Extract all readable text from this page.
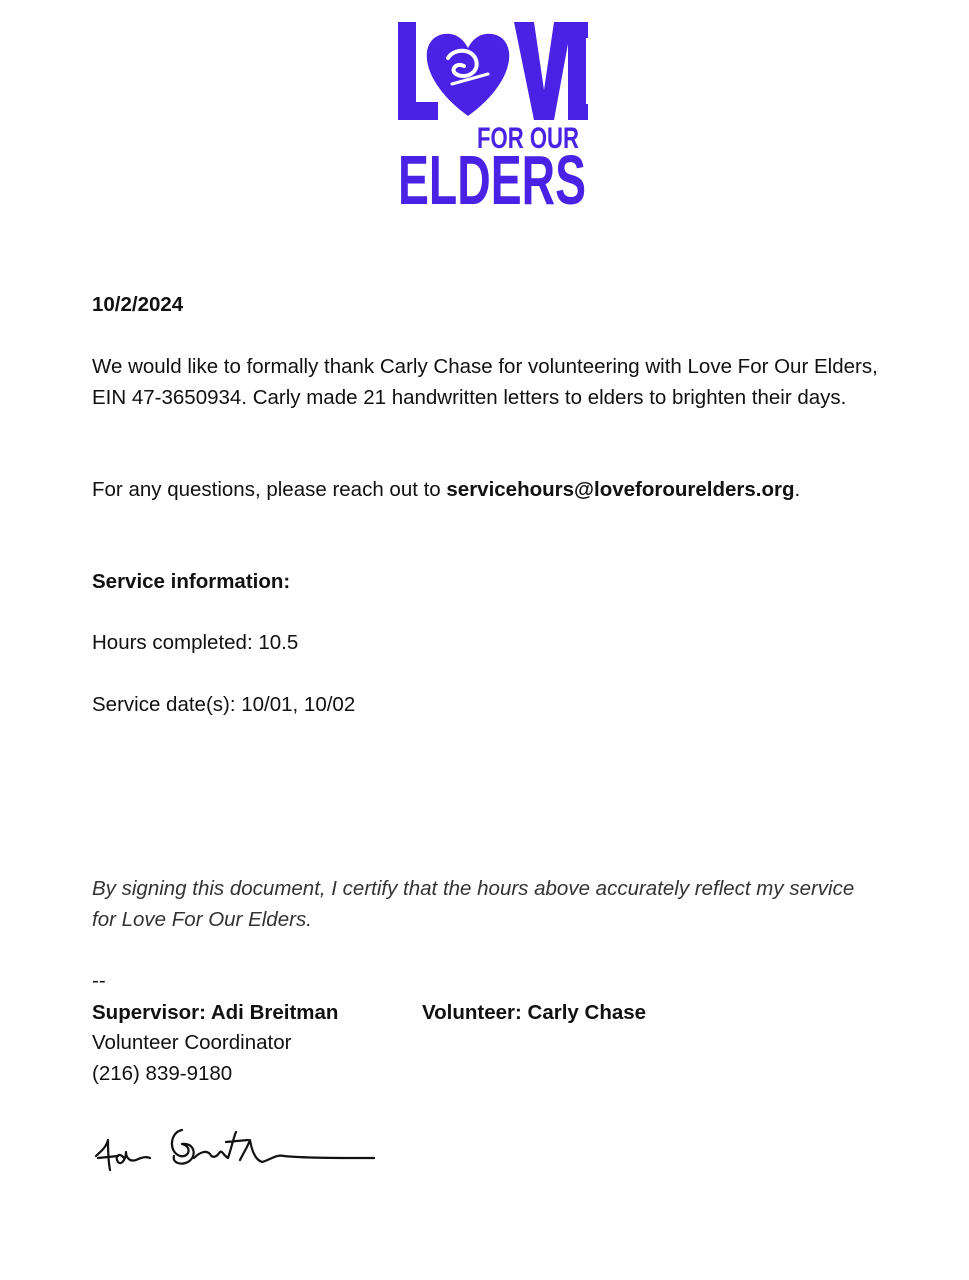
FOR OUR
ELDERS

10/2/2024

We would like to formally thank Carly Chase for volunteering with Love For Our Elders, EIN 47-3650934. Carly made 21 handwritten letters to elders to brighten their days.

For any questions, please reach out to servicehours@loveforourelders.org.

Service information:

Hours completed: 10.5

Service date(s): 10/01, 10/02

By signing this document, I certify that the hours above accurately reflect my service for Love For Our Elders.

--

Supervisor: Adi Breitman

Volunteer Coordinator

(216) 839-9180

Volunteer: Carly Chase
